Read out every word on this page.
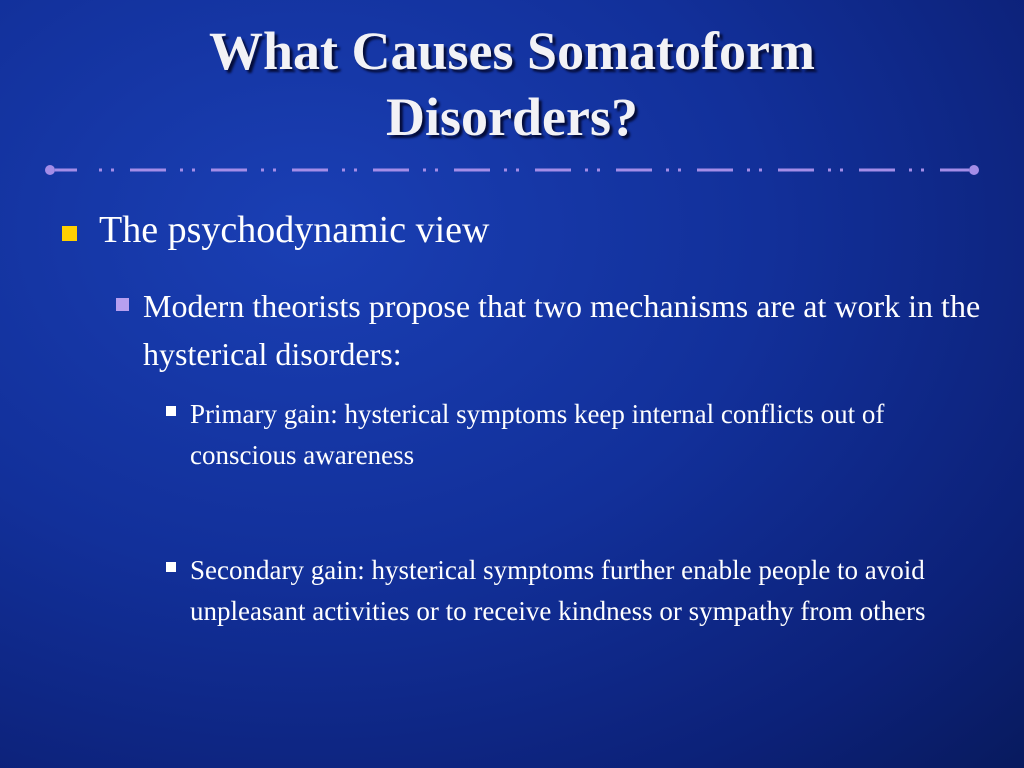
What Causes Somatoform
Disorders?
The psychodynamic view
Modern theorists propose that two mechanisms are at work in the hysterical disorders:
Primary gain: hysterical symptoms keep internal conflicts out of conscious awareness
Secondary gain: hysterical symptoms further enable people to avoid unpleasant activities or to receive kindness or sympathy from others
